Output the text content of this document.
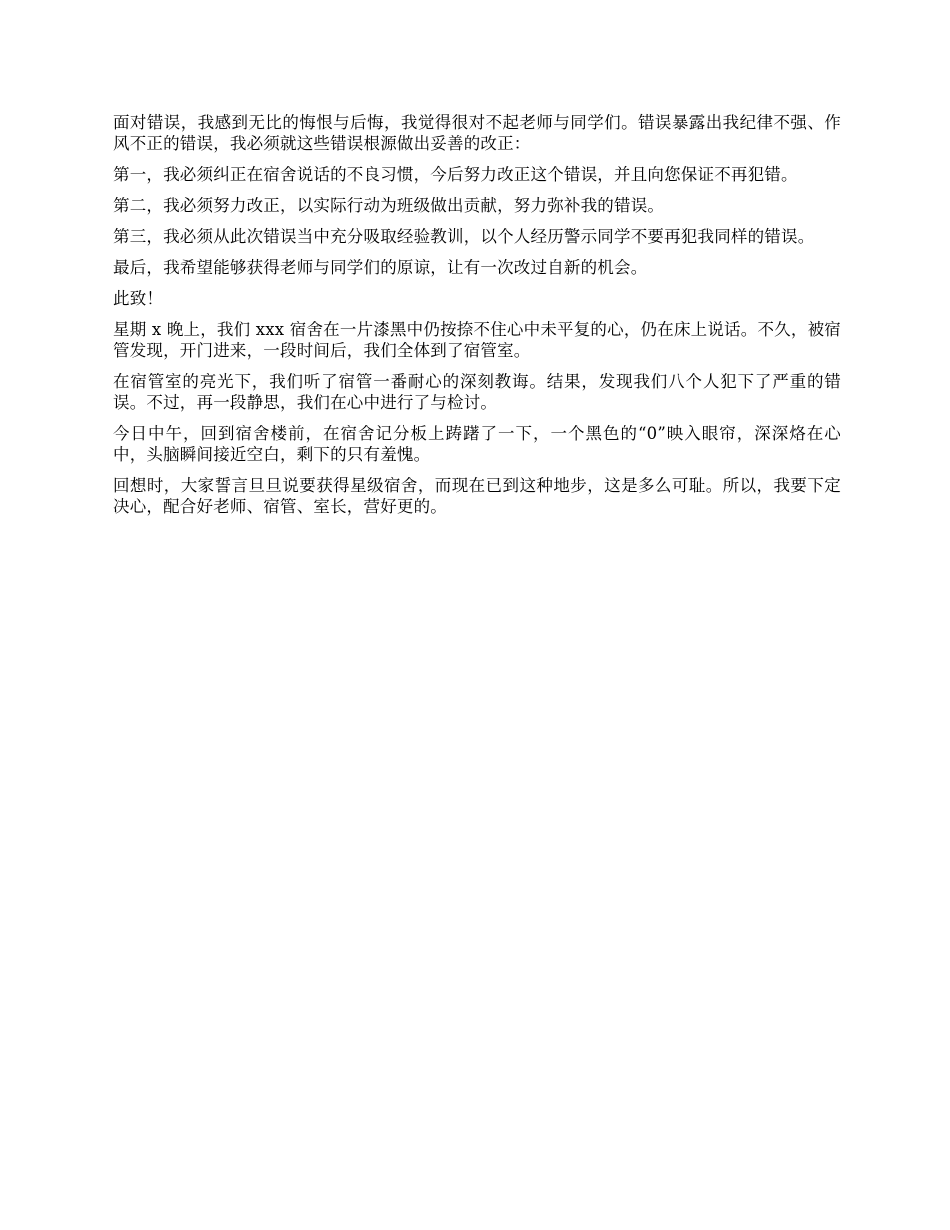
面对错误，我感到无比的悔恨与后悔，我觉得很对不起老师与同学们。错误暴露出我纪律不强、作风不正的错误，我必须就这些错误根源做出妥善的改正：

第一，我必须纠正在宿舍说话的不良习惯，今后努力改正这个错误，并且向您保证不再犯错。

第二，我必须努力改正，以实际行动为班级做出贡献，努力弥补我的错误。

第三，我必须从此次错误当中充分吸取经验教训，以个人经历警示同学不要再犯我同样的错误。

最后，我希望能够获得老师与同学们的原谅，让有一次改过自新的机会。

此致！

星期 x 晚上，我们 xxx 宿舍在一片漆黑中仍按捺不住心中未平复的心，仍在床上说话。不久，被宿管发现，开门进来，一段时间后，我们全体到了宿管室。

在宿管室的亮光下，我们听了宿管一番耐心的深刻教诲。结果，发现我们八个人犯下了严重的错误。不过，再一段静思，我们在心中进行了与检讨。

今日中午，回到宿舍楼前，在宿舍记分板上踌躇了一下，一个黑色的“0”映入眼帘，深深烙在心中，头脑瞬间接近空白，剩下的只有羞愧。

回想时，大家誓言旦旦说要获得星级宿舍，而现在已到这种地步，这是多么可耻。所以，我要下定决心，配合好老师、宿管、室长，营好更的。
